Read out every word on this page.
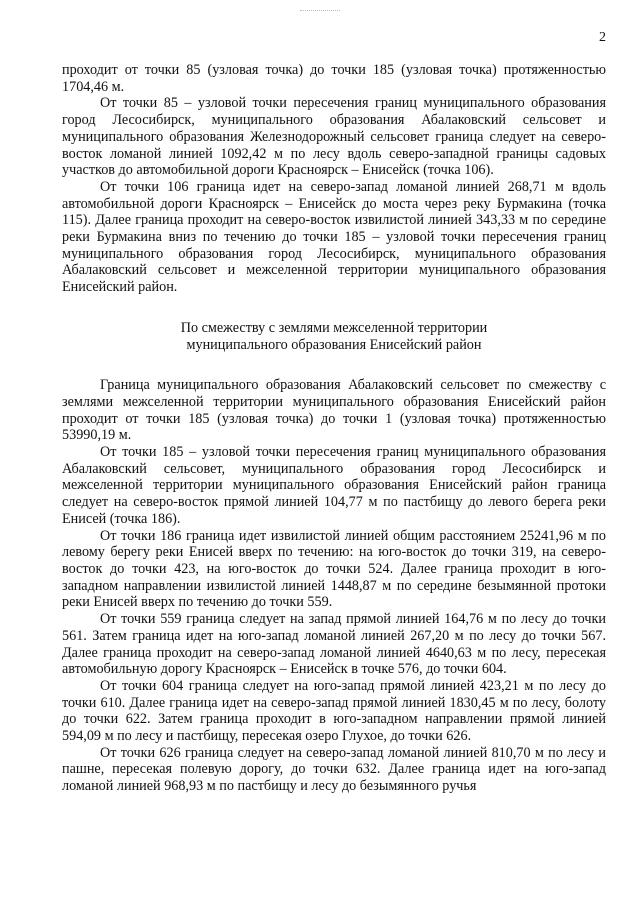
2

проходит от точки 85 (узловая точка) до точки 185 (узловая точка) протяженностью 1704,46 м.

От точки 85 – узловой точки пересечения границ муниципального образования город Лесосибирск, муниципального образования Абалаковский сельсовет и муниципального образования Железнодорожный сельсовет граница следует на северо-восток ломаной линией 1092,42 м по лесу вдоль северо-западной границы садовых участков до автомобильной дороги Красноярск – Енисейск (точка 106).

От точки 106 граница идет на северо-запад ломаной линией 268,71 м вдоль автомобильной дороги Красноярск – Енисейск до моста через реку Бурмакина (точка 115). Далее граница проходит на северо-восток извилистой линией 343,33 м по середине реки Бурмакина вниз по течению до точки 185 – узловой точки пересечения границ муниципального образования город Лесосибирск, муниципального образования Абалаковский сельсовет и межселенной территории муниципального образования Енисейский район.

По смежеству с землями межселенной территории
муниципального образования Енисейский район

Граница муниципального образования Абалаковский сельсовет по смежеству с землями межселенной территории муниципального образования Енисейский район проходит от точки 185 (узловая точка) до точки 1 (узловая точка) протяженностью 53990,19 м.

От точки 185 – узловой точки пересечения границ муниципального образования Абалаковский сельсовет, муниципального образования город Лесосибирск и межселенной территории муниципального образования Енисейский район граница следует на северо-восток прямой линией 104,77 м по пастбищу до левого берега реки Енисей (точка 186).

От точки 186 граница идет извилистой линией общим расстоянием 25241,96 м по левому берегу реки Енисей вверх по течению: на юго-восток до точки 319, на северо-восток до точки 423, на юго-восток до точки 524. Далее граница проходит в юго-западном направлении извилистой линией 1448,87 м по середине безымянной протоки реки Енисей вверх по течению до точки 559.

От точки 559 граница следует на запад прямой линией 164,76 м по лесу до точки 561. Затем граница идет на юго-запад ломаной линией 267,20 м по лесу до точки 567. Далее граница проходит на северо-запад ломаной линией 4640,63 м по лесу, пересекая автомобильную дорогу Красноярск – Енисейск в точке 576, до точки 604.

От точки 604 граница следует на юго-запад прямой линией 423,21 м по лесу до точки 610. Далее граница идет на северо-запад прямой линией 1830,45 м по лесу, болоту до точки 622. Затем граница проходит в юго-западном направлении прямой линией 594,09 м по лесу и пастбищу, пересекая озеро Глухое, до точки 626.

От точки 626 граница следует на северо-запад ломаной линией 810,70 м по лесу и пашне, пересекая полевую дорогу, до точки 632. Далее граница идет на юго-запад ломаной линией 968,93 м по пастбищу и лесу до безымянного ручья
